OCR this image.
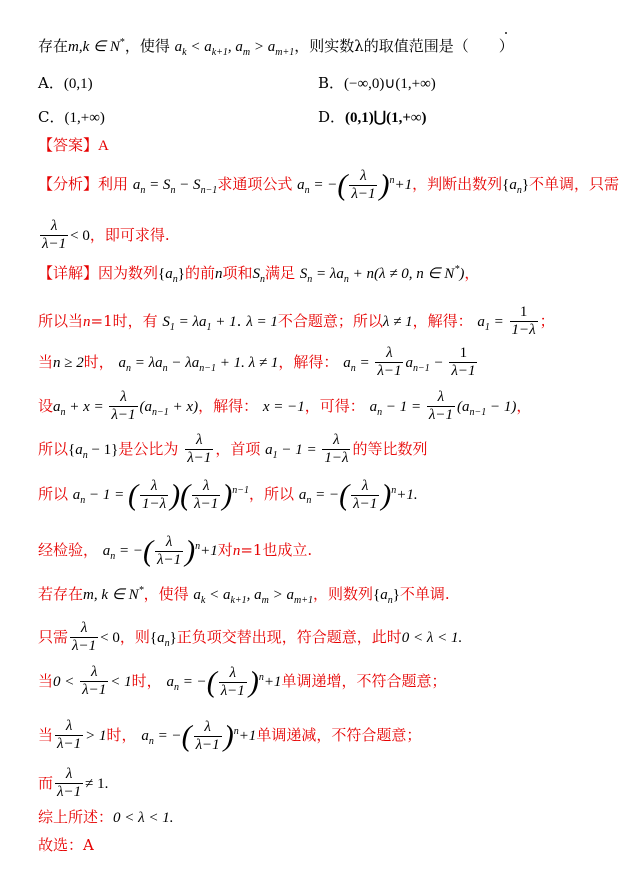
存在m,k ∈ N*，使得 $a_k < a_{k+1}$, $a_m > a_{m+1}$，则实数λ的取值范围是（　　）
A．(0,1)	B．(−∞,0)∪(1,+∞)
C．(1,+∞)	D．(0,1)⋃(1,+∞)
【答案】A
【分析】利用 $a_n = S_n - S_{n-1}$求通项公式 $a_n$ = −( $\frac{\lambda}{\lambda-1} )^n+1$，判断出数列$\{a_n\}$不单调，只需
$\frac{\lambda}{\lambda-1} < 0$，即可求得.
【详解】因为数列$\{a_n\}$的前n项和$S_n$满足 $S_n = \lambda a_n + n(\lambda \ne 0$, n ∈ N*)，
所以当n=1时，有 $S_1 = \lambda a_1 + 1$. λ = 1不合题意；所以λ ≠ 1，解得： $a_1 = \frac{1}{1-\lambda}$ ；
当n ≥ 2时， $a_n = \lambda a_n - \lambda a_{n-1} + 1$. λ ≠ 1，解得： $a_n = \frac{\lambda}{\lambda-1} a_{n-1} - \frac{1}{\lambda-1}$
设$a_n + x = \frac{\lambda}{\lambda-1} (a_{n-1} + x)$，解得： x = −1，可得： $a_n - 1 = \frac{\lambda}{\lambda-1} (a_{n-1} - 1)$，
所以$\{a_n - 1\}$是公比为 $\frac{\lambda}{\lambda-1}$ ，首项 $a_1 - 1 = \frac{\lambda}{1-\lambda}$ 的等比数列
所以 $a_n - 1$ = ( $\frac{\lambda}{1-\lambda}$ )( $\frac{\lambda}{\lambda-1} )^{n-1}$，所以 $a_n$ = −( $\frac{\lambda}{\lambda-1} )^n+1$.
经检验， $a_n$ = −( $\frac{\lambda}{\lambda-1} )^n+1$对n=1也成立.
若存在m, k ∈ N*，使得 $a_k < a_{k+1}$, $a_m > a_{m+1}$，则数列$\{a_n\}$不单调.
只需 $\frac{\lambda}{\lambda-1} < 0$，则$\{a_n\}$正负项交替出现，符合题意，此时0 < λ < 1.
当$0 < \frac{\lambda}{\lambda-1} < 1$时， $a_n$ = −( $\frac{\lambda}{\lambda-1} )^n+1$单调递增，不符合题意；
当 $\frac{\lambda}{\lambda-1} > 1$时， $a_n$ = −( $\frac{\lambda}{\lambda-1} )^n+1$单调递减，不符合题意；
而 $\frac{\lambda}{\lambda-1} \ne 1$.
综上所述：0 < λ < 1.
故选：A
